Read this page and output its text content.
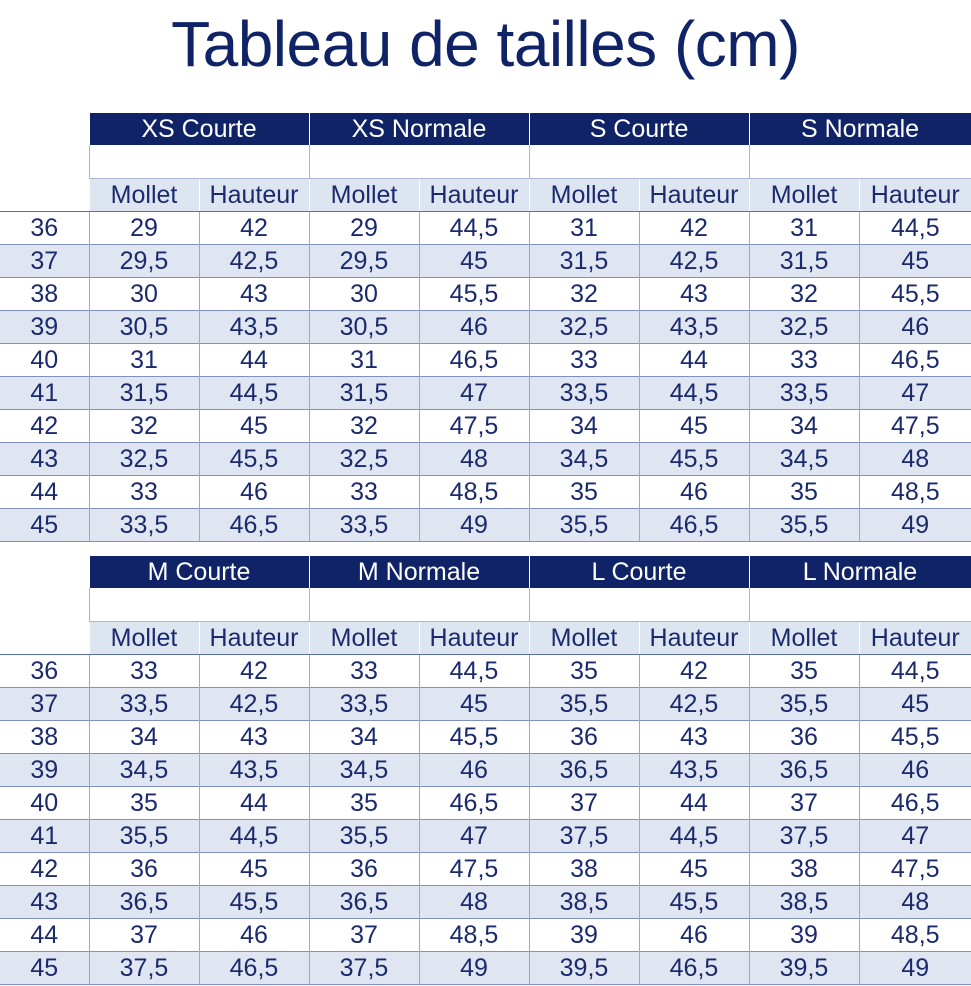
Tableau de tailles (cm)
	XS Courte		XS Normale		S Courte		S Normale	

	Mollet	Hauteur	Mollet	Hauteur	Mollet	Hauteur	Mollet	Hauteur
36	29	42	29	44,5	31	42	31	44,5
37	29,5	42,5	29,5	45	31,5	42,5	31,5	45
38	30	43	30	45,5	32	43	32	45,5
39	30,5	43,5	30,5	46	32,5	43,5	32,5	46
40	31	44	31	46,5	33	44	33	46,5
41	31,5	44,5	31,5	47	33,5	44,5	33,5	47
42	32	45	32	47,5	34	45	34	47,5
43	32,5	45,5	32,5	48	34,5	45,5	34,5	48
44	33	46	33	48,5	35	46	35	48,5
45	33,5	46,5	33,5	49	35,5	46,5	35,5	49
	M Courte		M Normale		L Courte		L Normale	

	Mollet	Hauteur	Mollet	Hauteur	Mollet	Hauteur	Mollet	Hauteur
36	33	42	33	44,5	35	42	35	44,5
37	33,5	42,5	33,5	45	35,5	42,5	35,5	45
38	34	43	34	45,5	36	43	36	45,5
39	34,5	43,5	34,5	46	36,5	43,5	36,5	46
40	35	44	35	46,5	37	44	37	46,5
41	35,5	44,5	35,5	47	37,5	44,5	37,5	47
42	36	45	36	47,5	38	45	38	47,5
43	36,5	45,5	36,5	48	38,5	45,5	38,5	48
44	37	46	37	48,5	39	46	39	48,5
45	37,5	46,5	37,5	49	39,5	46,5	39,5	49
